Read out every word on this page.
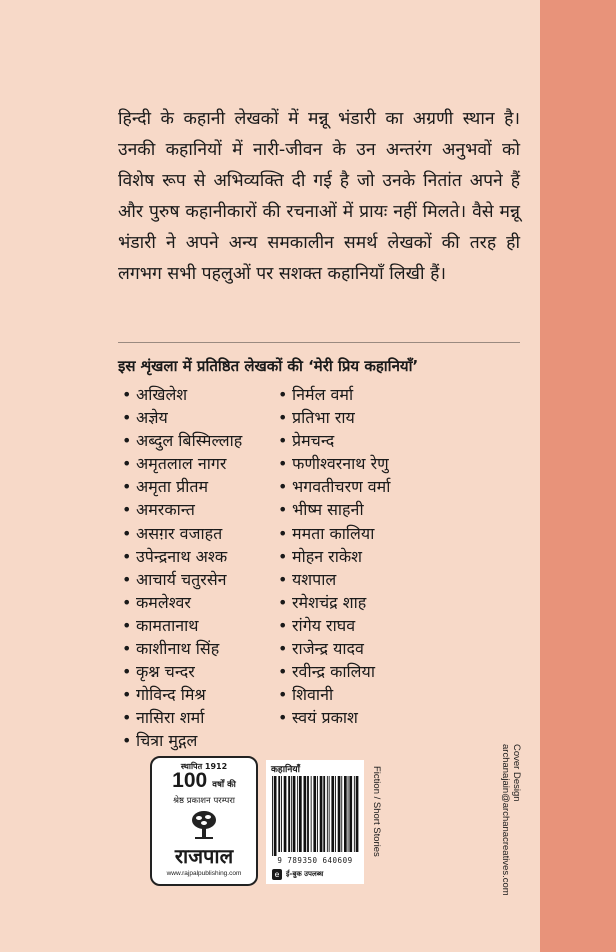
हिन्दी के कहानी लेखकों में मन्नू भंडारी का अग्रणी स्थान है। उनकी कहानियों में नारी-जीवन के उन अन्तरंग अनुभवों को विशेष रूप से अभिव्यक्ति दी गई है जो उनके नितांत अपने हैं और पुरुष कहानीकारों की रचनाओं में प्रायः नहीं मिलते। वैसे मन्नू भंडारी ने अपने अन्य समकालीन समर्थ लेखकों की तरह ही लगभग सभी पहलुओं पर सशक्त कहानियाँ लिखी हैं।

इस शृंखला में प्रतिष्ठित लेखकों की ‘मेरी प्रिय कहानियाँ’

• अखिलेश
• अज्ञेय
• अब्दुल बिस्मिल्लाह
• अमृतलाल नागर
• अमृता प्रीतम
• अमरकान्त
• असग़र वजाहत
• उपेन्द्रनाथ अश्क
• आचार्य चतुरसेन
• कमलेश्वर
• कामतानाथ
• काशीनाथ सिंह
• कृश्न चन्दर
• गोविन्द मिश्र
• नासिरा शर्मा
• चित्रा मुद्गल
• निर्मल वर्मा
• प्रतिभा राय
• प्रेमचन्द
• फणीश्वरनाथ रेणु
• भगवतीचरण वर्मा
• भीष्म साहनी
• ममता कालिया
• मोहन राकेश
• यशपाल
• रमेशचंद्र शाह
• रांगेय राघव
• राजेन्द्र यादव
• रवीन्द्र कालिया
• शिवानी
• स्वयं प्रकाश
स्थापित 1912
100 वर्षों की
श्रेष्ठ प्रकाशन परम्परा
राजपाल
www.rajpalpublishing.com
कहानियाँ
9 789350 640609
e ई-बुक उपलब्ध
Fiction / Short Stories	Cover Design
archanajain@archanacreatives.com
